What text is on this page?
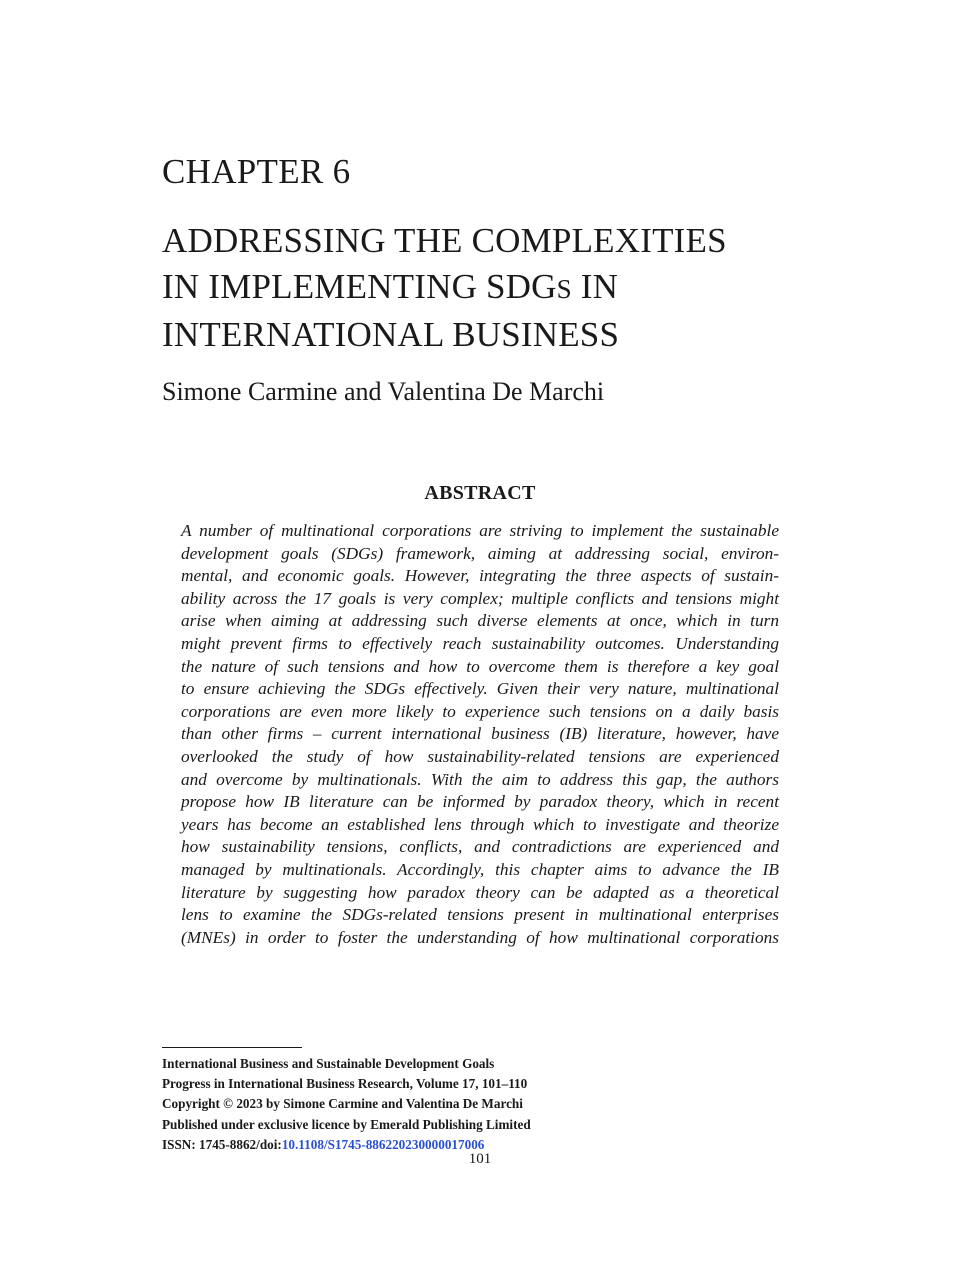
CHAPTER 6
ADDRESSING THE COMPLEXITIES
IN IMPLEMENTING SDGS IN
INTERNATIONAL BUSINESS

Simone Carmine and Valentina De Marchi

ABSTRACT
A number of multinational corporations are striving to implement the sustainable
development goals (SDGs) framework, aiming at addressing social, environ-
mental, and economic goals. However, integrating the three aspects of sustain-
ability across the 17 goals is very complex; multiple conflicts and tensions might
arise when aiming at addressing such diverse elements at once, which in turn
might prevent firms to effectively reach sustainability outcomes. Understanding
the nature of such tensions and how to overcome them is therefore a key goal
to ensure achieving the SDGs effectively. Given their very nature, multinational
corporations are even more likely to experience such tensions on a daily basis
than other firms – current international business (IB) literature, however, have
overlooked the study of how sustainability-related tensions are experienced
and overcome by multinationals. With the aim to address this gap, the authors
propose how IB literature can be informed by paradox theory, which in recent
years has become an established lens through which to investigate and theorize
how sustainability tensions, conflicts, and contradictions are experienced and
managed by multinationals. Accordingly, this chapter aims to advance the IB
literature by suggesting how paradox theory can be adapted as a theoretical
lens to examine the SDGs-related tensions present in multinational enterprises
(MNEs) in order to foster the understanding of how multinational corporations
International Business and Sustainable Development Goals
Progress in International Business Research, Volume 17, 101–110
Copyright © 2023 by Simone Carmine and Valentina De Marchi
Published under exclusive licence by Emerald Publishing Limited
ISSN: 1745-8862/doi:10.1108/S1745-886220230000017006

101
